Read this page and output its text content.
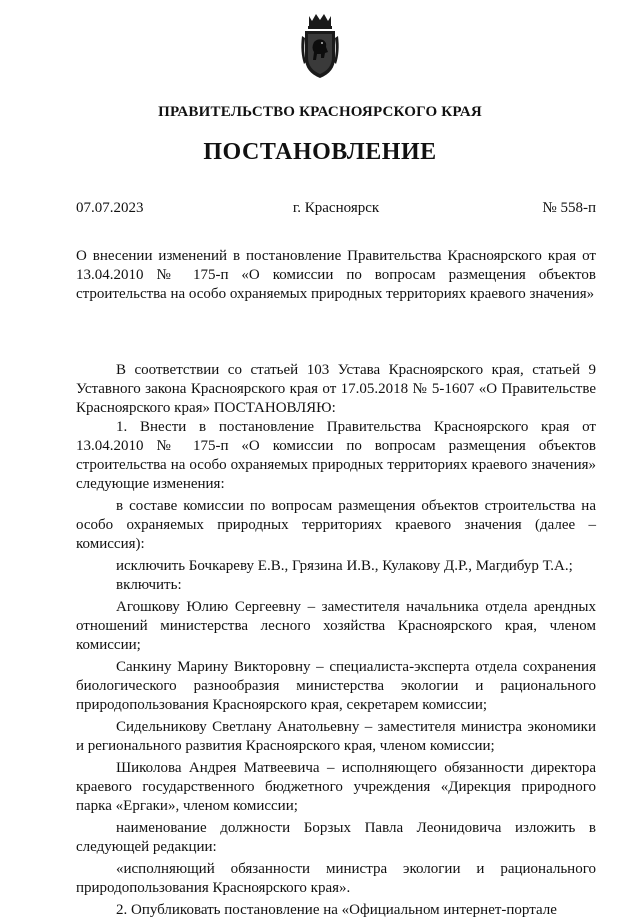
ПРАВИТЕЛЬСТВО КРАСНОЯРСКОГО КРАЯ
ПОСТАНОВЛЕНИЕ
07.07.2023	г. Красноярск	№ 558-п
О внесении изменений в постановление Правительства Красноярского края от 13.04.2010 № 175-п «О комиссии по вопросам размещения объектов строительства на особо охраняемых природных территориях краевого значения»

В соответствии со статьей 103 Устава Красноярского края, статьей 9 Уставного закона Красноярского края от 17.05.2018 № 5-1607 «О Правительстве Красноярского края» ПОСТАНОВЛЯЮ:

1. Внести в постановление Правительства Красноярского края от 13.04.2010 № 175-п «О комиссии по вопросам размещения объектов строительства на особо охраняемых природных территориях краевого значения» следующие изменения:

в составе комиссии по вопросам размещения объектов строительства на особо охраняемых природных территориях краевого значения (далее – комиссия):

исключить Бочкареву Е.В., Грязина И.В., Кулакову Д.Р., Магдибур Т.А.;

включить:

Агошкову Юлию Сергеевну – заместителя начальника отдела арендных отношений министерства лесного хозяйства Красноярского края, членом комиссии;

Санкину Марину Викторовну – специалиста-эксперта отдела сохранения биологического разнообразия министерства экологии и рационального природопользования Красноярского края, секретарем комиссии;

Сидельникову Светлану Анатольевну – заместителя министра экономики и регионального развития Красноярского края, членом комиссии;

Шиколова Андрея Матвеевича – исполняющего обязанности директора краевого государственного бюджетного учреждения «Дирекция природного парка «Ергаки», членом комиссии;

наименование должности Борзых Павла Леонидовича изложить в следующей редакции:

«исполняющий обязанности министра экологии и рационального природопользования Красноярского края».

2. Опубликовать постановление на «Официальном интернет-портале
